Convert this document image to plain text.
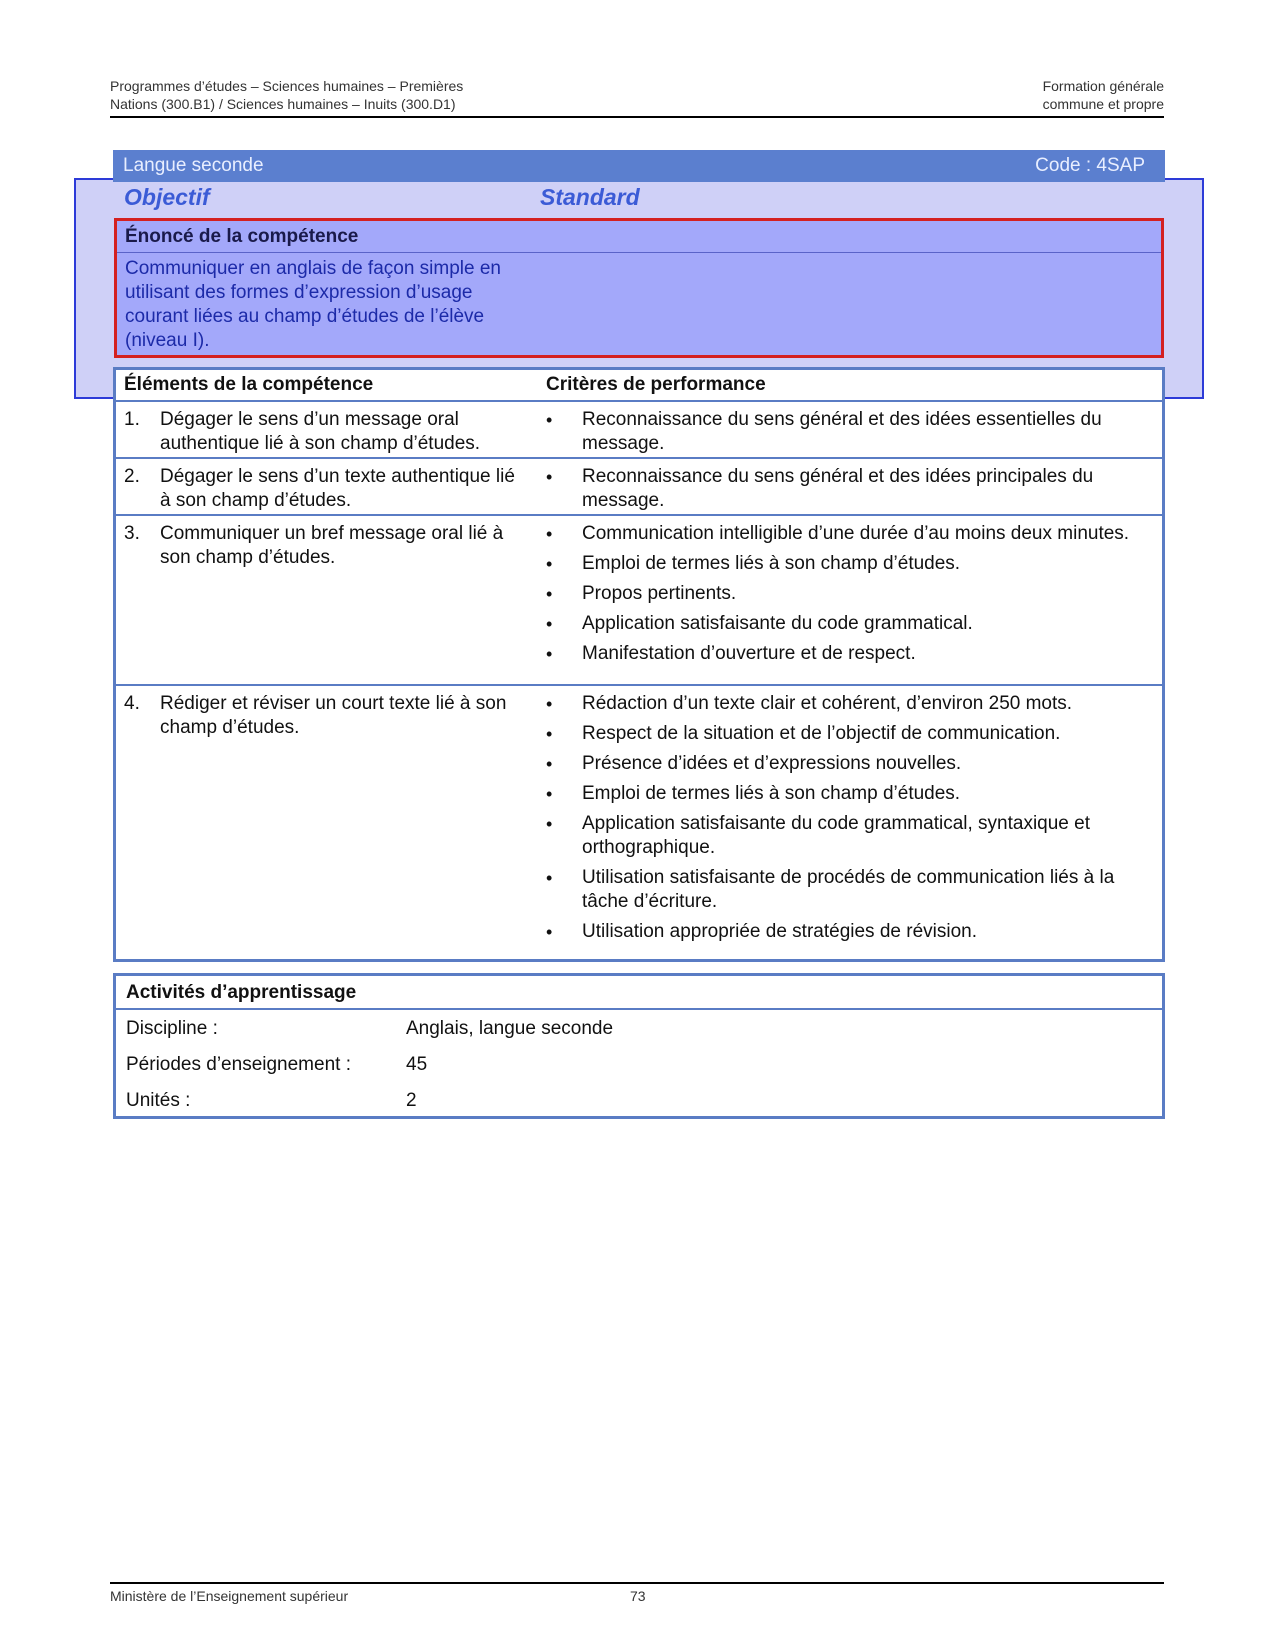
Programmes d’études – Sciences humaines – Premières	Formation générale
Nations (300.B1) / Sciences humaines – Inuits (300.D1)	commune et propre
Langue seconde	Code : 4SAP
Objectif	Standard
Énoncé de la compétence
Communiquer en anglais de façon simple en utilisant des formes d’expression d’usage courant liées au champ d’études de l’élève (niveau I).
Éléments de la compétence	Critères de performance
1.	Dégager le sens d’un message oral authentique lié à son champ d’études.
• Reconnaissance du sens général et des idées essentielles du message.
2.	Dégager le sens d’un texte authentique lié à son champ d’études.
• Reconnaissance du sens général et des idées principales du message.
3.	Communiquer un bref message oral lié à son champ d’études.
• Communication intelligible d’une durée d’au moins deux minutes.
• Emploi de termes liés à son champ d’études.
• Propos pertinents.
• Application satisfaisante du code grammatical.
• Manifestation d’ouverture et de respect.
4.	Rédiger et réviser un court texte lié à son champ d’études.
• Rédaction d’un texte clair et cohérent, d’environ 250 mots.
• Respect de la situation et de l’objectif de communication.
• Présence d’idées et d’expressions nouvelles.
• Emploi de termes liés à son champ d’études.
• Application satisfaisante du code grammatical, syntaxique et orthographique.
• Utilisation satisfaisante de procédés de communication liés à la tâche d’écriture.
• Utilisation appropriée de stratégies de révision.
Activités d’apprentissage
Discipline :	Anglais, langue seconde
Périodes d’enseignement :	45
Unités :	2
Ministère de l’Enseignement supérieur	73
